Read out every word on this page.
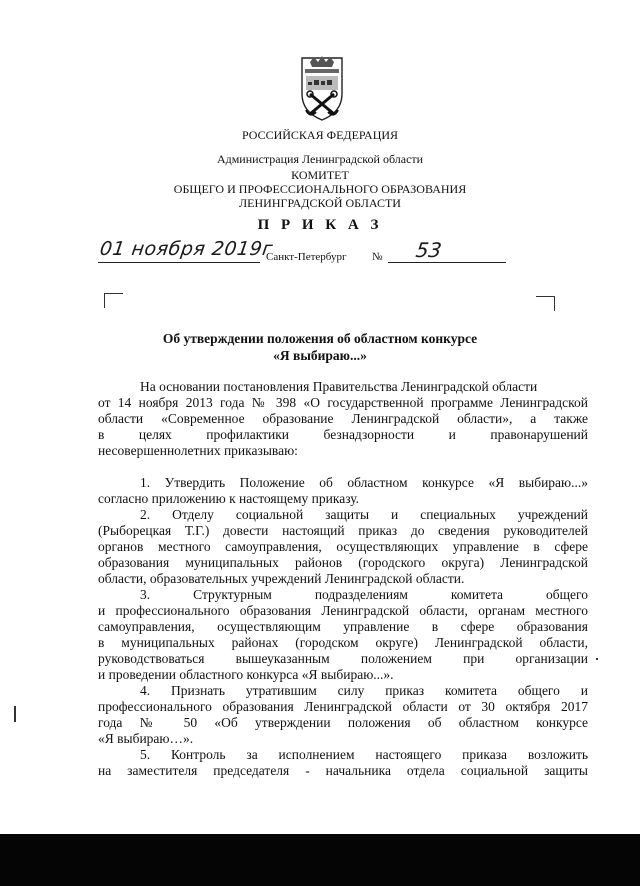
РОССИЙСКАЯ ФЕДЕРАЦИЯ
Администрация Ленинградской области
КОМИТЕТ
ОБЩЕГО И ПРОФЕССИОНАЛЬНОГО ОБРАЗОВАНИЯ
ЛЕНИНГРАДСКОЙ ОБЛАСТИ
П Р И К А З
01 ноября 2019г
Санкт-Петербург № 53
Об утверждении положения об областном конкурсе
«Я выбираю...»
На основании постановления Правительства Ленинградской области
от 14 ноября 2013 года № 398 «О государственной программе Ленинградской
области «Современное образование Ленинградской области», а также
в целях профилактики безнадзорности и правонарушений
несовершеннолетних приказываю:
1. Утвердить Положение об областном конкурсе «Я выбираю...»
согласно приложению к настоящему приказу.
2. Отделу социальной защиты и специальных учреждений
(Рыборецкая Т.Г.) довести настоящий приказ до сведения руководителей
органов местного самоуправления, осуществляющих управление в сфере
образования муниципальных районов (городского округа) Ленинградской
области, образовательных учреждений Ленинградской области.
3. Структурным подразделениям комитета общего
и профессионального образования Ленинградской области, органам местного
самоуправления, осуществляющим управление в сфере образования
в муниципальных районах (городском округе) Ленинградской области,
руководствоваться вышеуказанным положением при организации
и проведении областного конкурса «Я выбираю...».
4. Признать утратившим силу приказ комитета общего и
профессионального образования Ленинградской области от 30 октября 2017
года № 50 «Об утверждении положения об областном конкурсе
«Я выбираю…».
5. Контроль за исполнением настоящего приказа возложить
на заместителя председателя - начальника отдела социальной защиты
